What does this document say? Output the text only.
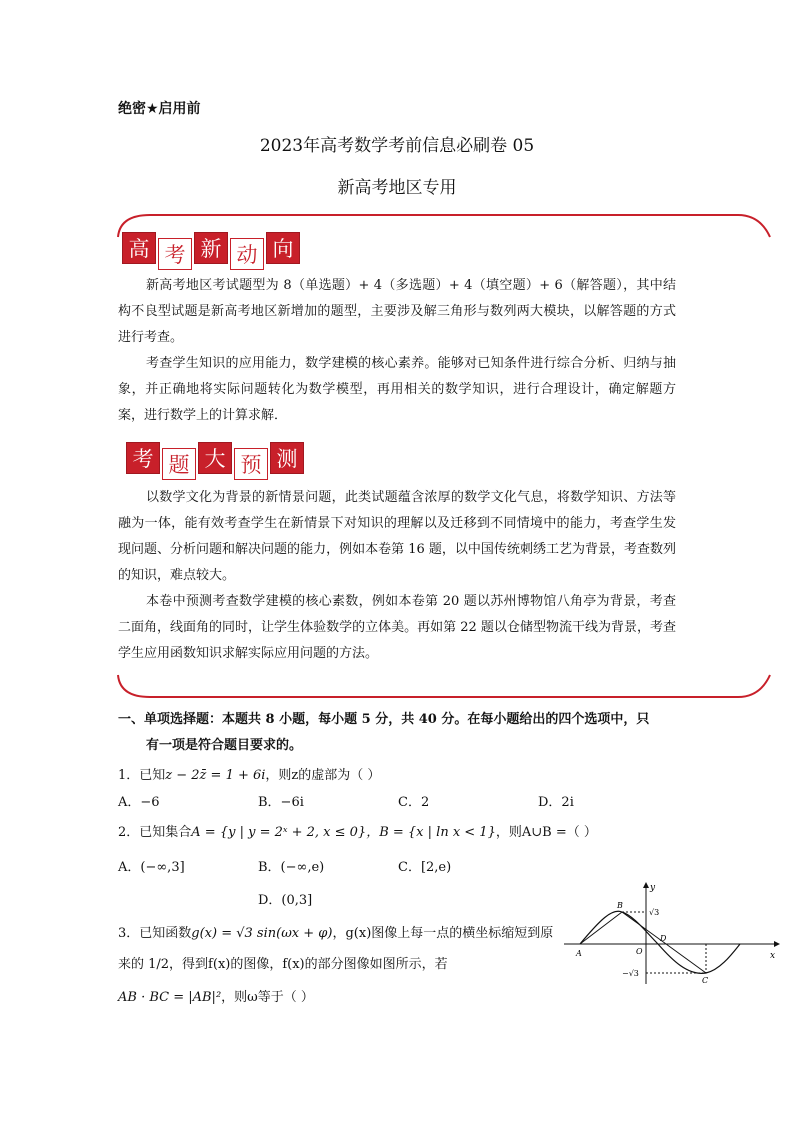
绝密★启用前
2023年高考数学考前信息必刷卷 05
新高考地区专用
高 考 新 动 向

新高考地区考试题型为 8（单选题）+ 4（多选题）+ 4（填空题）+ 6（解答题），其中结构不良型试题是新高考地区新增加的题型，主要涉及解三角形与数列两大模块，以解答题的方式进行考查。

考查学生知识的应用能力，数学建模的核心素养。能够对已知条件进行综合分析、归纳与抽象，并正确地将实际问题转化为数学模型，再用相关的数学知识，进行合理设计，确定解题方案，进行数学上的计算求解．

考 题 大 预 测

以数学文化为背景的新情景问题，此类试题蕴含浓厚的数学文化气息，将数学知识、方法等融为一体，能有效考查学生在新情景下对知识的理解以及迁移到不同情境中的能力，考查学生发现问题、分析问题和解决问题的能力，例如本卷第 16 题，以中国传统刺绣工艺为背景，考查数列的知识，难点较大。

本卷中预测考查数学建模的核心素数，例如本卷第 20 题以苏州博物馆八角亭为背景，考查二面角，线面角的同时，让学生体验数学的立体美。再如第 22 题以仓储型物流干线为背景，考查学生应用函数知识求解实际应用问题的方法。

一、单项选择题：本题共 8 小题，每小题 5 分，共 40 分。在每小题给出的四个选项中，只
有一项是符合题目要求的。
1．已知z − 2z̄ = 1 + 6i，则z的虚部为（ ）
A．−6	B．−6i	C．2	D．2i
2．已知集合A = {y | y = 2ˣ + 2, x ≤ 0}，B = {x | ln x < 1}，则A∪B =（ ）
A．(−∞,3]	B．(−∞,e)	C．[2,e)
D．(0,3]
3．已知函数g(x) = √3 sin(ωx + φ)，g(x)图像上每一点的横坐标缩短到原
来的 1/2，得到f(x)的图像，f(x)的部分图像如图所示，若
AB · BC = |AB|²，则ω等于（ ）
x
y
A
B
C
D
O
√3
−√3
